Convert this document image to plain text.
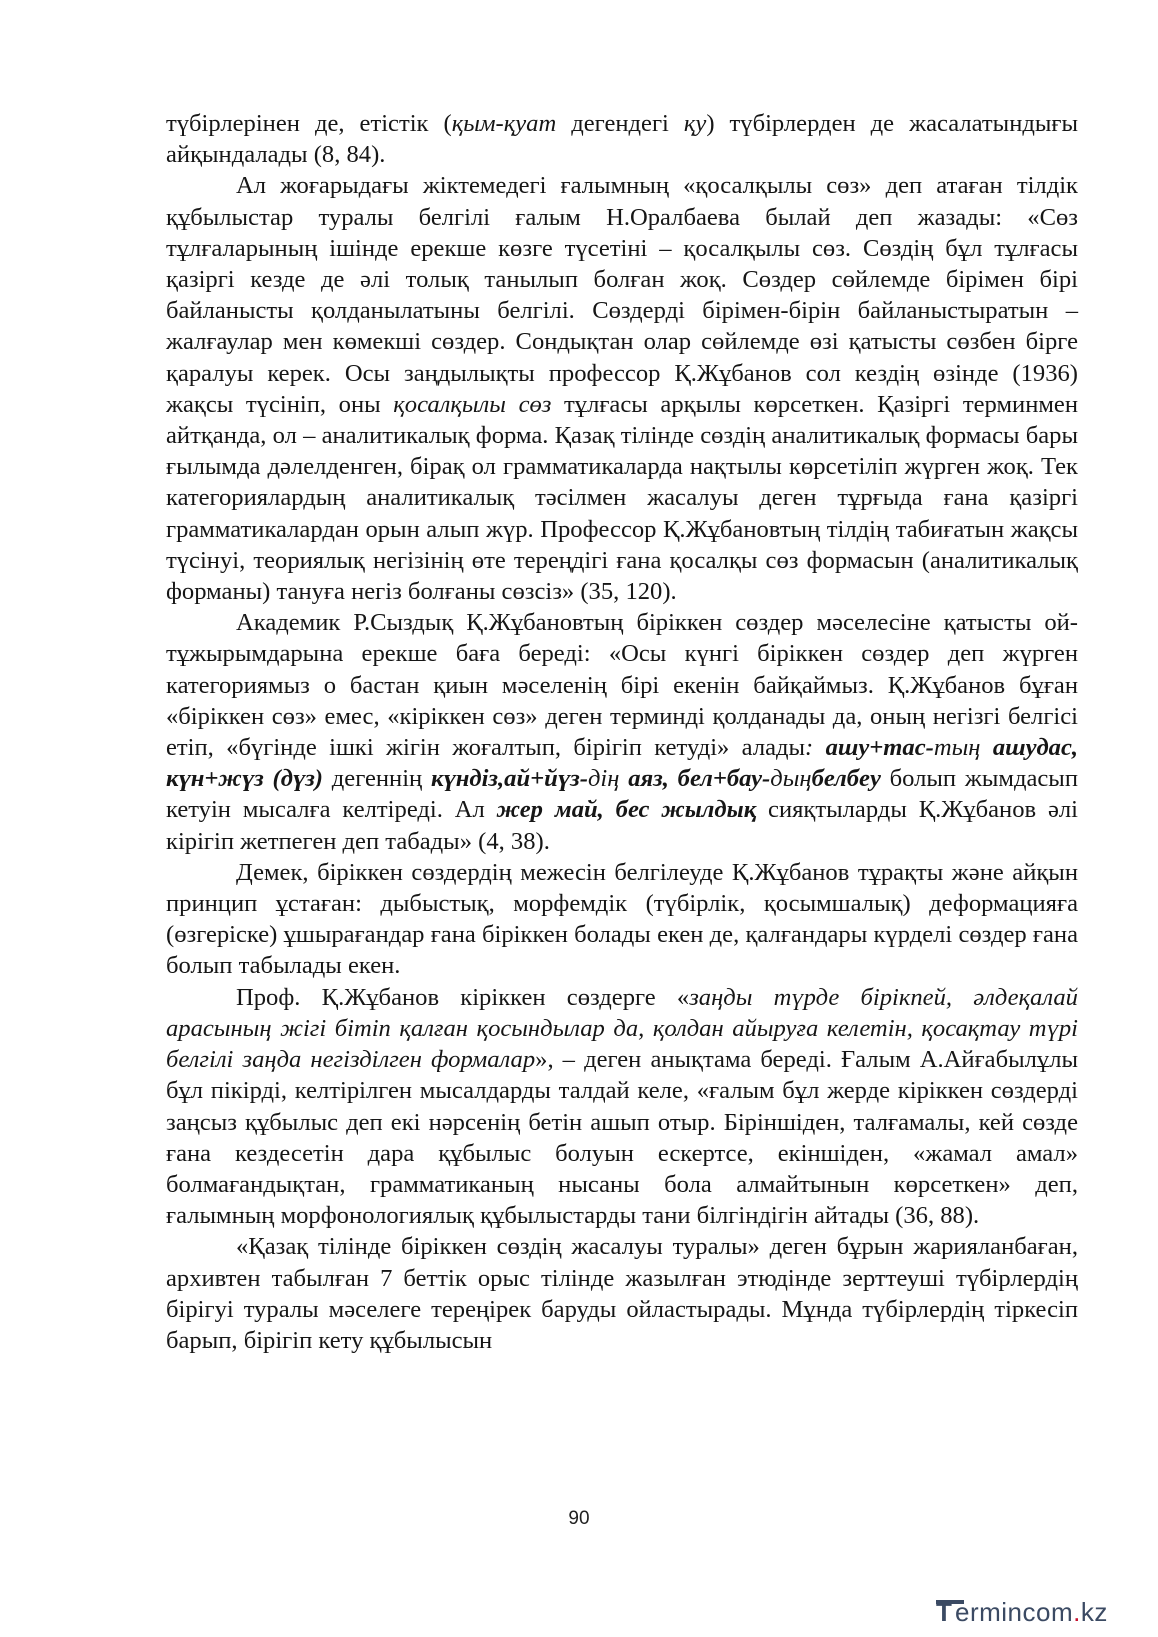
түбірлерінен де, етістік (қым-қуат дегендегі қу) түбірлерден де жасалатындығы айқындалады (8, 84).

Ал жоғарыдағы жіктемедегі ғалымның «қосалқылы сөз» деп атаған тілдік құбылыстар туралы белгілі ғалым Н.Оралбаева былай деп жазады: «Сөз тұлғаларының ішінде ерекше көзге түсетіні – қосалқылы сөз. Сөздің бұл тұлғасы қазіргі кезде де әлі толық танылып болған жоқ. Сөздер сөйлемде бірімен бірі байланысты қолданылатыны белгілі. Сөздерді бірімен-бірін байланыстыратын – жалғаулар мен көмекші сөздер. Сондықтан олар сөйлемде өзі қатысты сөзбен бірге қаралуы керек. Осы заңдылықты профессор Қ.Жұбанов сол кездің өзінде (1936) жақсы түсініп, оны қосалқылы сөз тұлғасы арқылы көрсеткен. Қазіргі терминмен айтқанда, ол – аналитикалық форма. Қазақ тілінде сөздің аналитикалық формасы бары ғылымда дәлелденген, бірақ ол грамматикаларда нақтылы көрсетіліп жүрген жоқ. Тек категориялардың аналитикалық тәсілмен жасалуы деген тұрғыда ғана қазіргі грамматикалардан орын алып жүр. Профессор Қ.Жұбановтың тілдің табиғатын жақсы түсінуі, теориялық негізінің өте тереңдігі ғана қосалқы сөз формасын (аналитикалық форманы) тануға негіз болғаны сөзсіз» (35, 120).

Академик Р.Сыздық Қ.Жұбановтың біріккен сөздер мәселесіне қатысты ой-тұжырымдарына ерекше баға береді: «Осы күнгі біріккен сөздер деп жүрген категориямыз о бастан қиын мәселенің бірі екенін байқаймыз. Қ.Жұбанов бұған «біріккен сөз» емес, «кіріккен сөз» деген терминді қолданады да, оның негізгі белгісі етіп, «бүгінде ішкі жігін жоғалтып, бірігіп кетуді» алады: ашу+тас-тың ашудас, күн+жүз (дүз) дегеннің күндіз,ай+йүз-дің аяз, бел+бау-дыңбелбеу болып жымдасып кетуін мысалға келтіреді. Ал жер май, бес жылдық сияқтыларды Қ.Жұбанов әлі кірігіп жетпеген деп табады» (4, 38).

Демек, біріккен сөздердің межесін белгілеуде Қ.Жұбанов тұрақты және айқын принцип ұстаған: дыбыстық, морфемдік (түбірлік, қосымшалық) деформацияға (өзгеріске) ұшырағандар ғана біріккен болады екен де, қалғандары күрделі сөздер ғана болып табылады екен.

Проф. Қ.Жұбанов кіріккен сөздерге «заңды түрде бірікпей, әлдеқалай арасының жігі бітіп қалған қосындылар да, қолдан айыруға келетін, қосақтау түрі белгілі заңда негізділген формалар», – деген анықтама береді. Ғалым А.Айғабылұлы бұл пікірді, келтірілген мысалдарды талдай келе, «ғалым бұл жерде кіріккен сөздерді заңсыз құбылыс деп екі нәрсенің бетін ашып отыр. Біріншіден, талғамалы, кей сөзде ғана кездесетін дара құбылыс болуын ескертсе, екіншіден, «жамал амал» болмағандықтан, грамматиканың нысаны бола алмайтынын көрсеткен» деп, ғалымның морфонологиялық құбылыстарды тани білгіндігін айтады (36, 88).

«Қазақ тілінде біріккен сөздің жасалуы туралы» деген бұрын жарияланбаған, архивтен табылған 7 беттік орыс тілінде жазылған этюдінде зерттеуші түбірлердің бірігуі туралы мәселеге тереңірек баруды ойластырады. Мұнда түбірлердің тіркесіп барып, бірігіп кету құбылысын

90
T ermincom.kz
